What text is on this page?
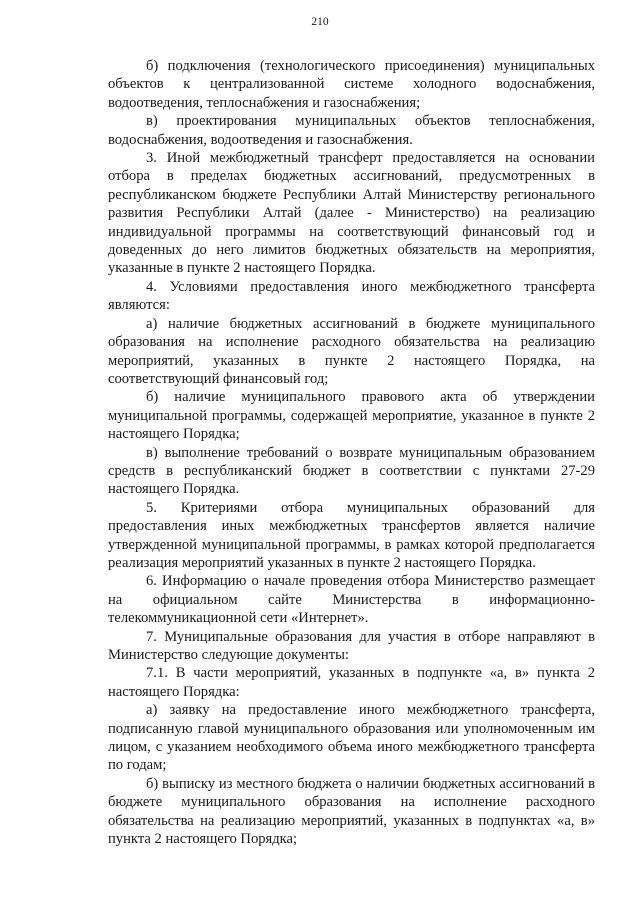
210

б) подключения (технологического присоединения) муниципальных объектов к централизованной системе холодного водоснабжения, водоотведения, теплоснабжения и газоснабжения;

в) проектирования муниципальных объектов теплоснабжения, водоснабжения, водоотведения и газоснабжения.

3. Иной межбюджетный трансферт предоставляется на основании отбора в пределах бюджетных ассигнований, предусмотренных в республиканском бюджете Республики Алтай Министерству регионального развития Республики Алтай (далее - Министерство) на реализацию индивидуальной программы на соответствующий финансовый год и доведенных до него лимитов бюджетных обязательств на мероприятия, указанные в пункте 2 настоящего Порядка.

4. Условиями предоставления иного межбюджетного трансферта являются:

а) наличие бюджетных ассигнований в бюджете муниципального образования на исполнение расходного обязательства на реализацию мероприятий, указанных в пункте 2 настоящего Порядка, на соответствующий финансовый год;

б) наличие муниципального правового акта об утверждении муниципальной программы, содержащей мероприятие, указанное в пункте 2 настоящего Порядка;

в) выполнение требований о возврате муниципальным образованием средств в республиканский бюджет в соответствии с пунктами 27-29 настоящего Порядка.

5. Критериями отбора муниципальных образований для предоставления иных межбюджетных трансфертов является наличие утвержденной муниципальной программы, в рамках которой предполагается реализация мероприятий указанных в пункте 2 настоящего Порядка.

6. Информацию о начале проведения отбора Министерство размещает на официальном сайте Министерства в информационно-телекоммуникационной сети «Интернет».

7. Муниципальные образования для участия в отборе направляют в Министерство следующие документы:

7.1. В части мероприятий, указанных в подпункте «а, в» пункта 2 настоящего Порядка:

а) заявку на предоставление иного межбюджетного трансферта, подписанную главой муниципального образования или уполномоченным им лицом, с указанием необходимого объема иного межбюджетного трансферта по годам;

б) выписку из местного бюджета о наличии бюджетных ассигнований в бюджете муниципального образования на исполнение расходного обязательства на реализацию мероприятий, указанных в подпунктах «а, в» пункта 2 настоящего Порядка;
